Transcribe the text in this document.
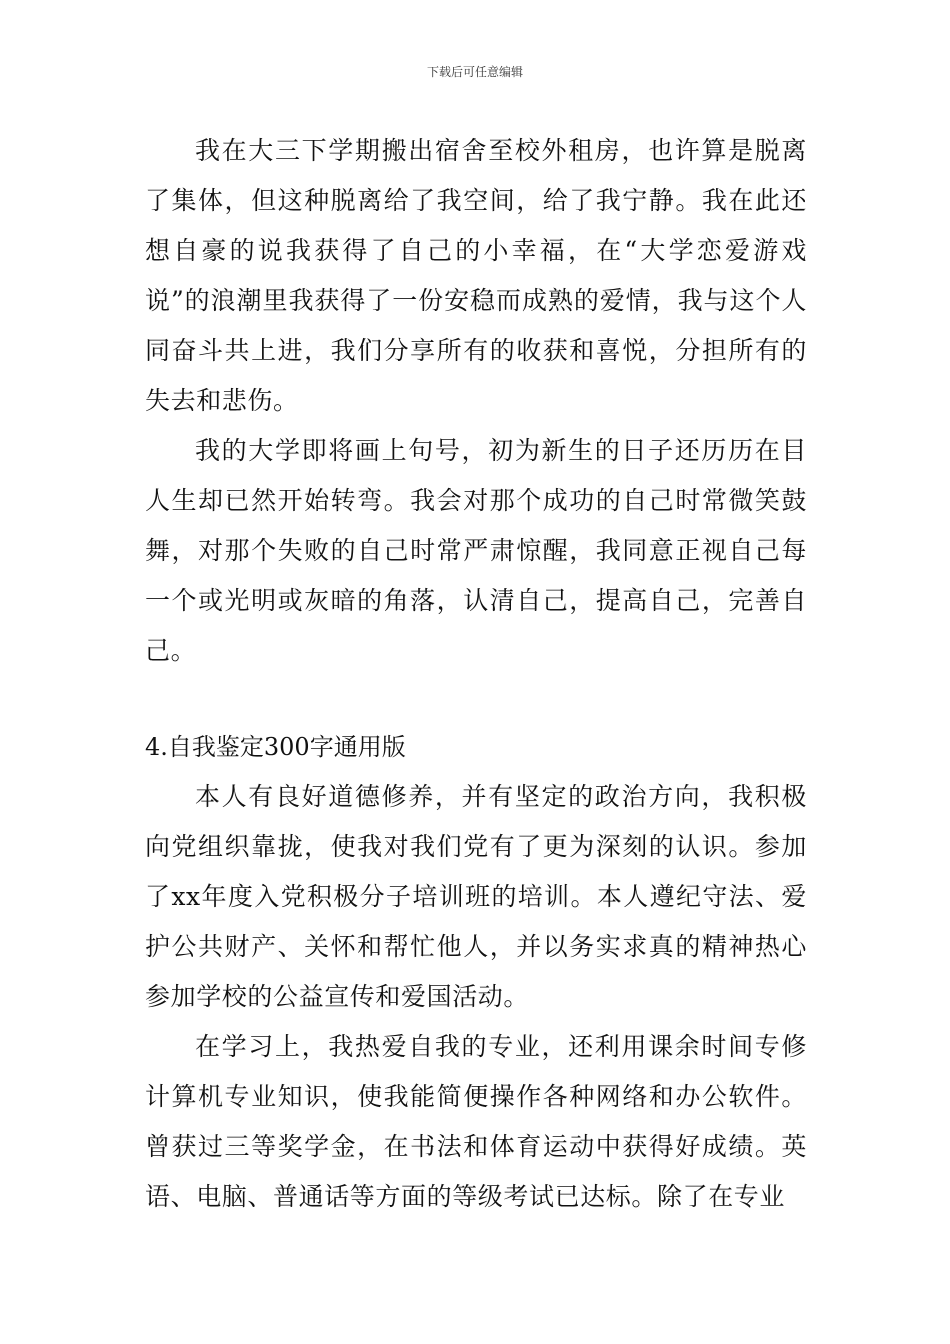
下载后可任意编辑

我在大三下学期搬出宿舍至校外租房，也许算是脱离了集体，但这种脱离给了我空间，给了我宁静。我在此还想自豪的说我获得了自己的小幸福，在“大学恋爱游戏说”的浪潮里我获得了一份安稳而成熟的爱情，我与这个人同奋斗共上进，我们分享所有的收获和喜悦，分担所有的失去和悲伤。

我的大学即将画上句号，初为新生的日子还历历在目人生却已然开始转弯。我会对那个成功的自己时常微笑鼓舞，对那个失败的自己时常严肃惊醒，我同意正视自己每一个或光明或灰暗的角落，认清自己，提高自己，完善自己。

4.自我鉴定300字通用版

本人有良好道德修养，并有坚定的政治方向，我积极向党组织靠拢，使我对我们党有了更为深刻的认识。参加了xx年度入党积极分子培训班的培训。本人遵纪守法、爱护公共财产、关怀和帮忙他人，并以务实求真的精神热心参加学校的公益宣传和爱国活动。

在学习上，我热爱自我的专业，还利用课余时间专修计算机专业知识，使我能简便操作各种网络和办公软件。曾获过三等奖学金，在书法和体育运动中获得好成绩。英语、电脑、普通话等方面的等级考试已达标。除了在专业
